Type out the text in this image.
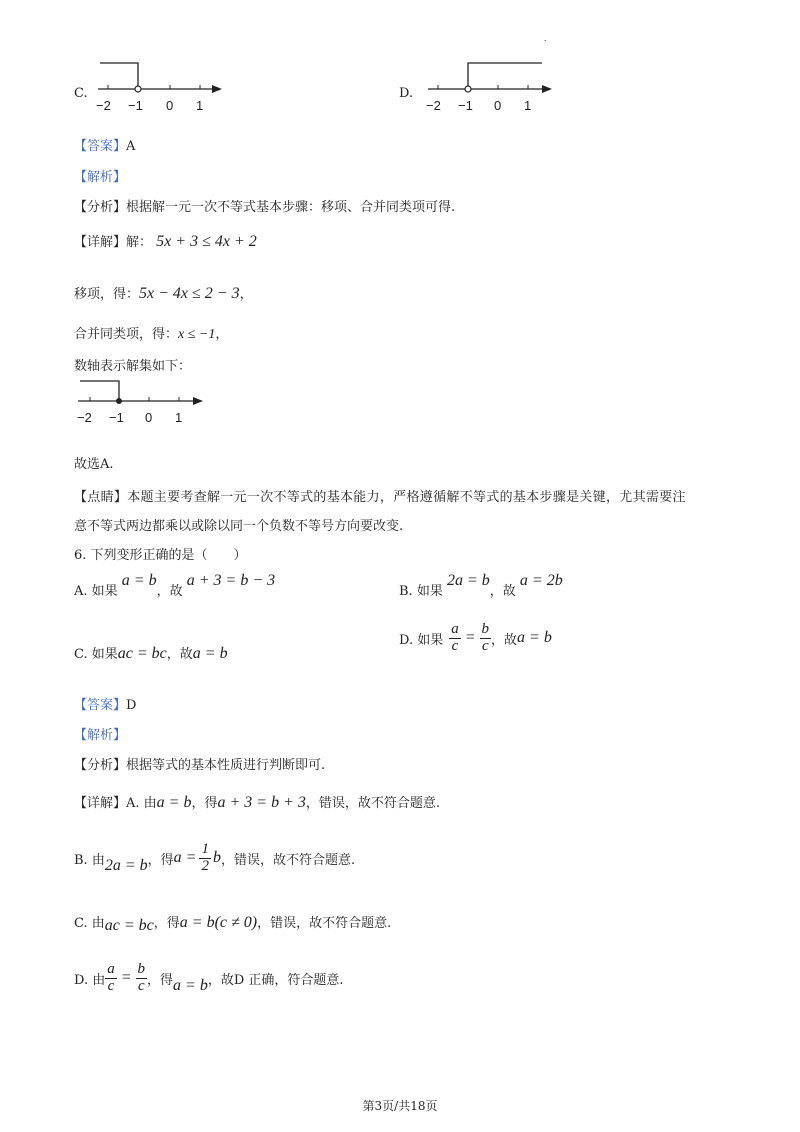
.
C.
−2 −1 0 1
D.
−2 −1 0 1
【答案】A
【解析】
【分析】根据解一元一次不等式基本步骤：移项、合并同类项可得.
【详解】解： 5x + 3 ≤ 4x + 2
移项，得：5x − 4x ≤ 2 − 3，
合并同类项，得：x ≤ −1，
数轴表示解集如下：
−2 −1 0 1
故选A.
【点睛】本题主要考查解一元一次不等式的基本能力，严格遵循解不等式的基本步骤是关键，尤其需要注
意不等式两边都乘以或除以同一个负数不等号方向要改变.
6. 下列变形正确的是（　　）
A. 如果 a = b，故 a + 3 = b − 3
B. 如果 2a = b，故 a = 2b
C. 如果ac = bc，故a = b
D. 如果 $\frac{a}{c} = \frac{b}{c}$ ，故 a = b
【答案】D
【解析】
【分析】根据等式的基本性质进行判断即可.
【详解】A. 由a = b，得a + 3 = b + 3，错误，故不符合题意.
B. 由 2a = b ，得 $a = \frac{1}{2}$ b ，错误，故不符合题意.
C. 由ac = bc，得a = b(c ≠ 0)，错误，故不符合题意.
D. 由 $\frac{a}{c} = \frac{b}{c}$ ，得 a = b ，故D 正确，符合题意.
第3页/共18页
